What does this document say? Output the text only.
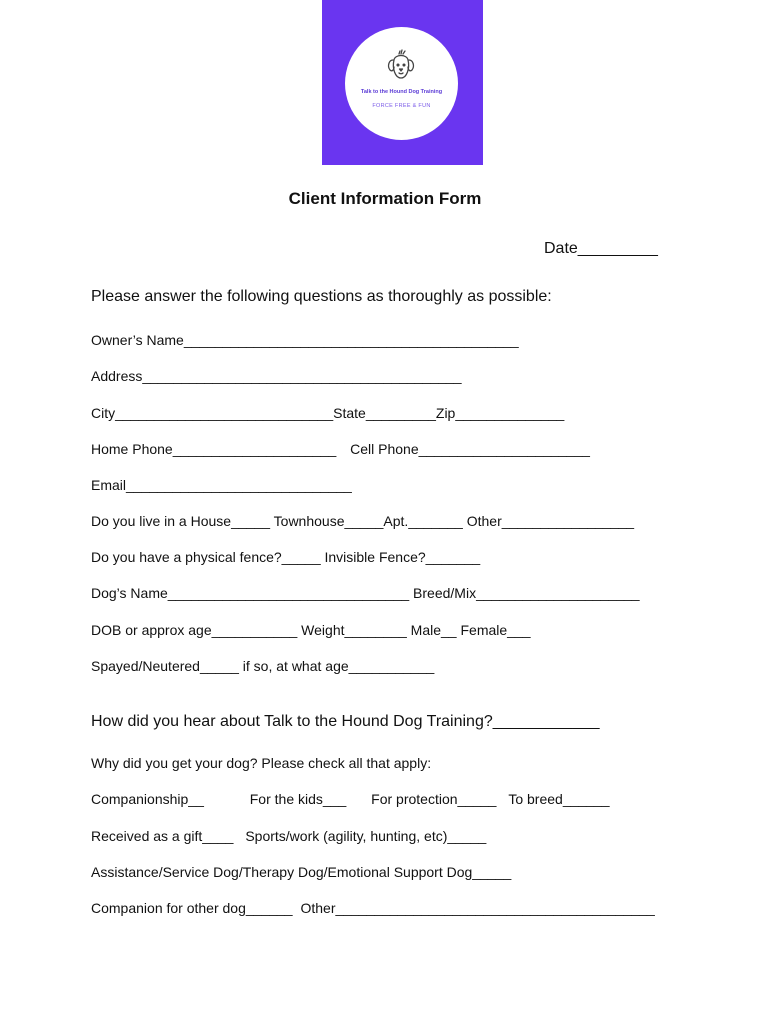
Talk to the Hound Dog Training
FORCE FREE & FUN
Client Information Form
Date_________
Please answer the following questions as thoroughly as possible:
Owner’s Name___________________________________________
Address_________________________________________
City____________________________State_________Zip______________
Home Phone_____________________ Cell Phone______________________
Email_____________________________
Do you live in a House_____ Townhouse_____Apt._______ Other_________________
Do you have a physical fence?_____ Invisible Fence?_______
Dog’s Name_______________________________ Breed/Mix_____________________
DOB or approx age___________ Weight________ Male__ Female___
Spayed/Neutered_____ if so, at what age___________
How did you hear about Talk to the Hound Dog Training?____________
Why did you get your dog? Please check all that apply:
Companionship__	For the kids___ For protection_____ To breed______
Received as a gift____ Sports/work (agility, hunting, etc)_____
Assistance/Service Dog/Therapy Dog/Emotional Support Dog_____
Companion for other dog______ Other_________________________________________
